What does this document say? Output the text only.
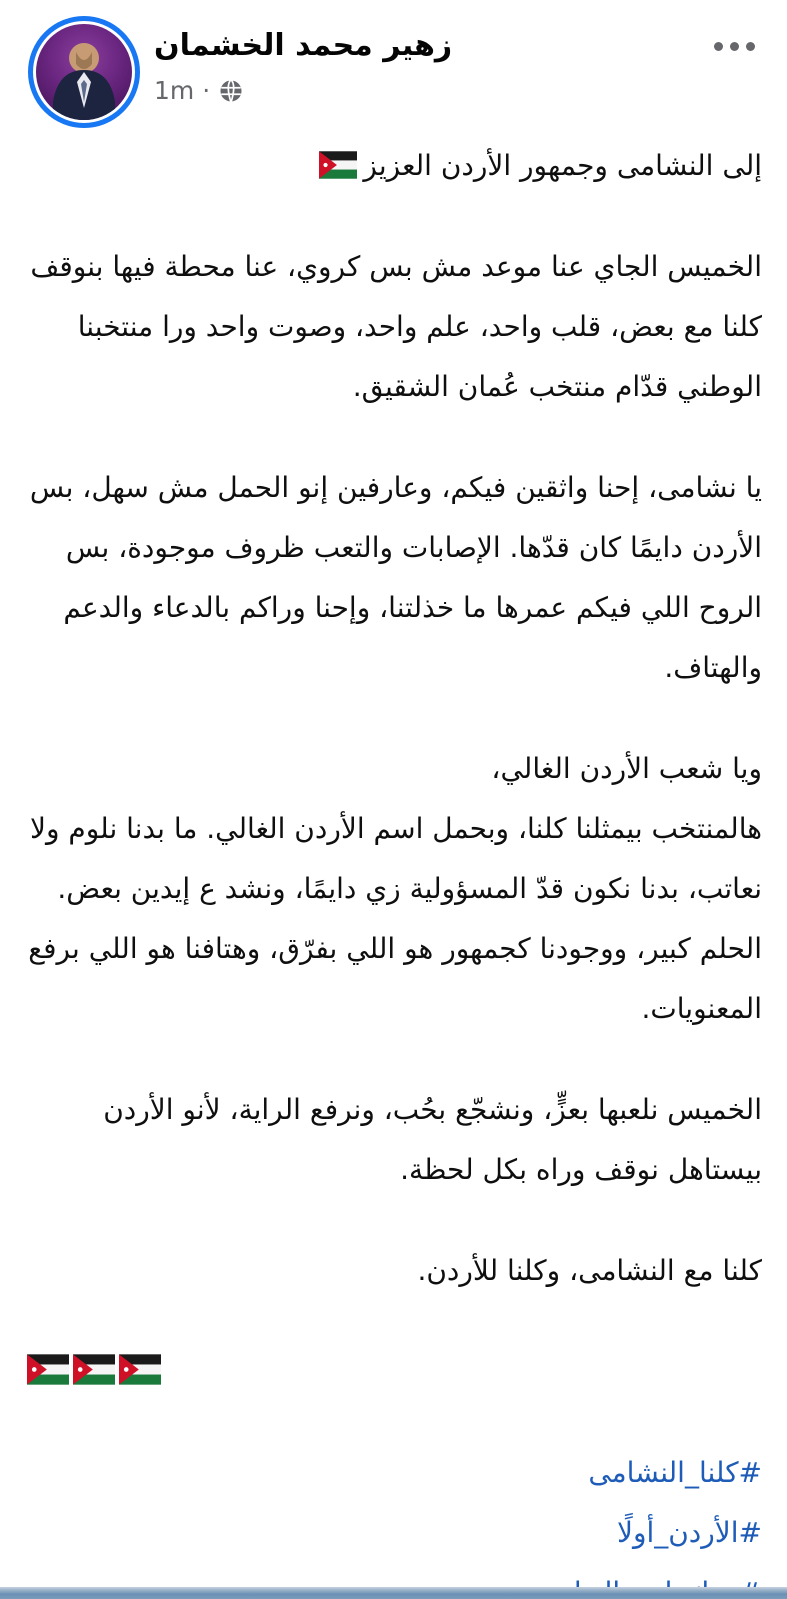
زهير محمد الخشمان
1m ·

إلى النشامى وجمهور الأردن العزيز

الخميس الجاي عنا موعد مش بس كروي، عنا محطة فيها بنوقف كلنا مع بعض، قلب واحد، علم واحد، وصوت واحد ورا منتخبنا الوطني قدّام منتخب عُمان الشقيق.

يا نشامى، إحنا واثقين فيكم، وعارفين إنو الحمل مش سهل، بس الأردن دايمًا كان قدّها. الإصابات والتعب ظروف موجودة، بس الروح اللي فيكم عمرها ما خذلتنا، وإحنا وراكم بالدعاء والدعم والهتاف.

ويا شعب الأردن الغالي،
هالمنتخب بيمثلنا كلنا، وبحمل اسم الأردن الغالي. ما بدنا نلوم ولا نعاتب، بدنا نكون قدّ المسؤولية زي دايمًا، ونشد ع إيدين بعض. الحلم كبير، ووجودنا كجمهور هو اللي بفرّق، وهتافنا هو اللي برفع المعنويات.

الخميس نلعبها بعزٍّ، ونشجّع بحُب، ونرفع الراية، لأنو الأردن بيستاهل نوقف وراه بكل لحظة.

كلنا مع النشامى، وكلنا للأردن.

#كلنا_النشامى
#الأردن_أولًا
